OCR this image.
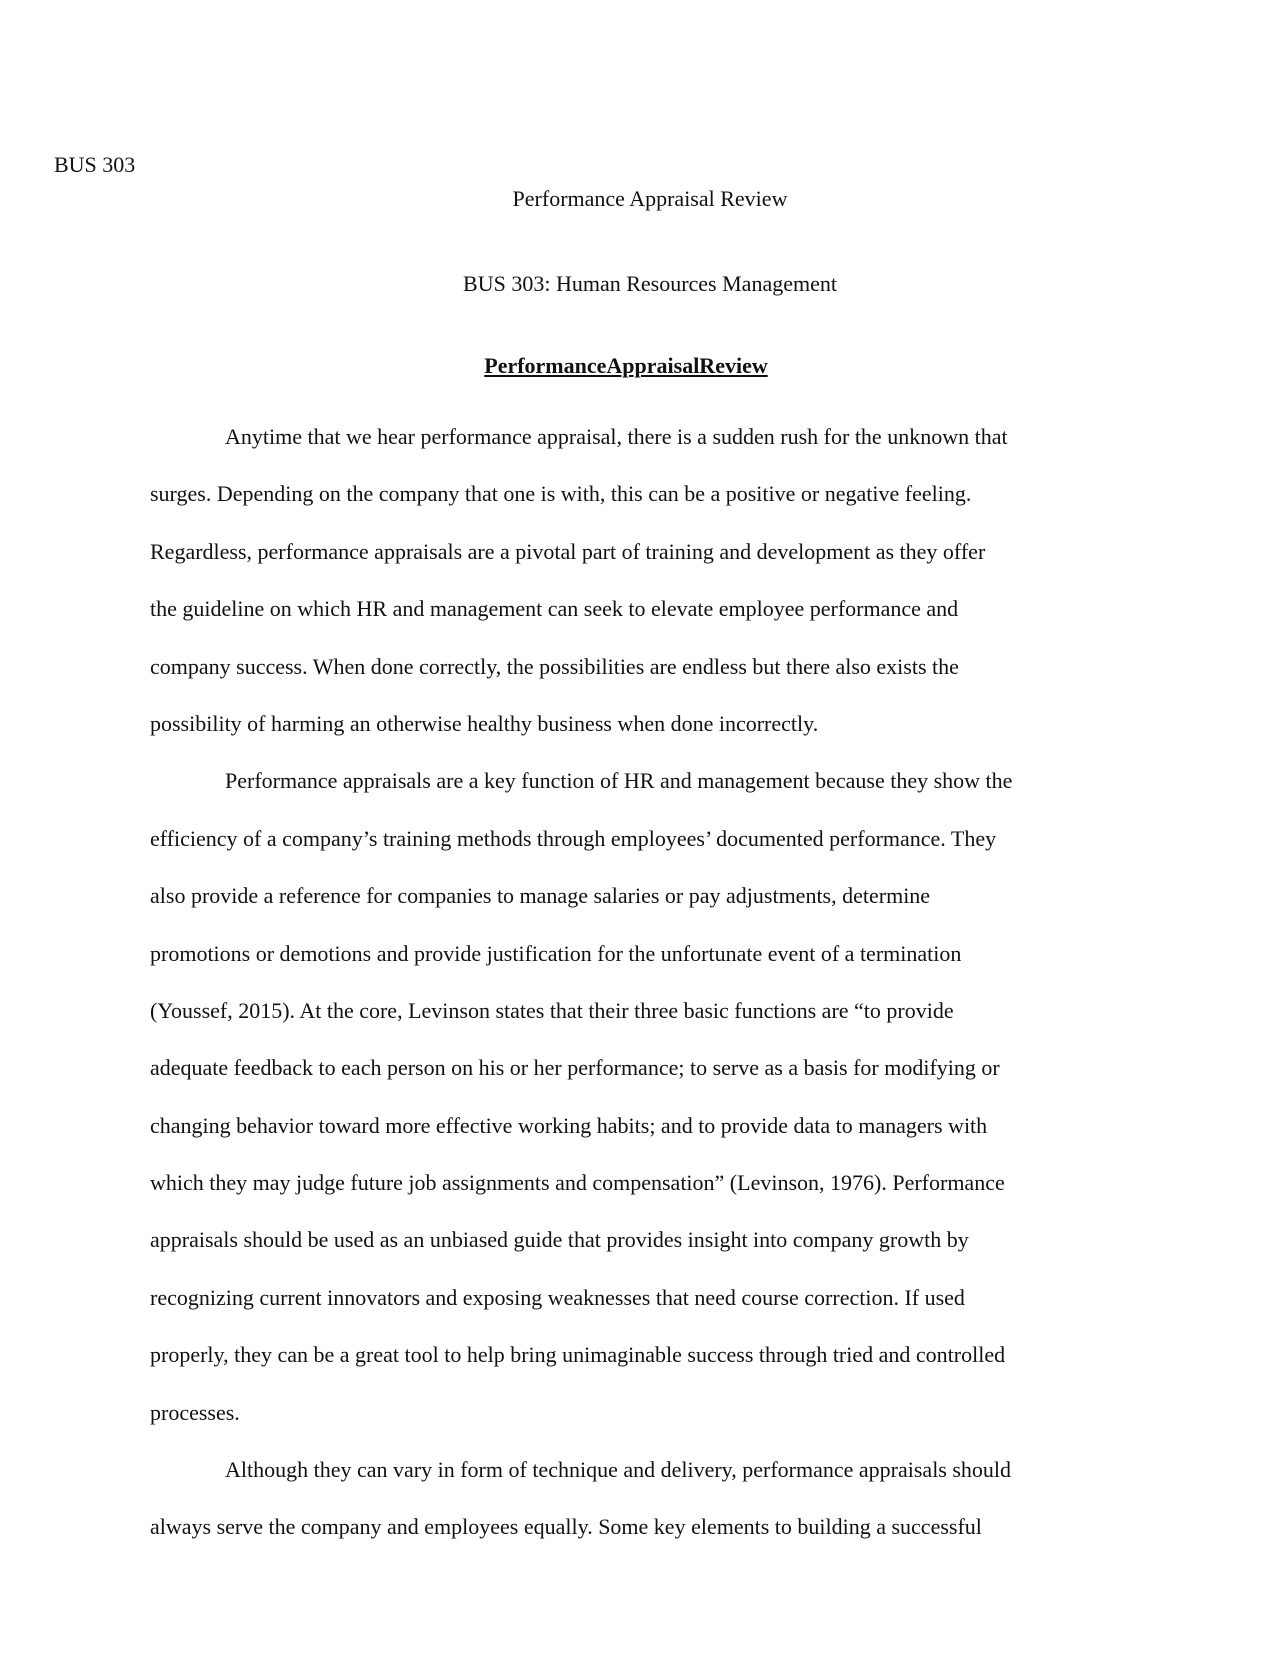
BUS 303
Performance Appraisal Review
BUS 303: Human Resources Management
PerformanceAppraisalReview
Anytime that we hear performance appraisal, there is a sudden rush for the unknown that
surges. Depending on the company that one is with, this can be a positive or negative feeling.
Regardless, performance appraisals are a pivotal part of training and development as they offer
the guideline on which HR and management can seek to elevate employee performance and
company success. When done correctly, the possibilities are endless but there also exists the
possibility of harming an otherwise healthy business when done incorrectly.
Performance appraisals are a key function of HR and management because they show the
efficiency of a company’s training methods through employees’ documented performance. They
also provide a reference for companies to manage salaries or pay adjustments, determine
promotions or demotions and provide justification for the unfortunate event of a termination
(Youssef, 2015). At the core, Levinson states that their three basic functions are “to provide
adequate feedback to each person on his or her performance; to serve as a basis for modifying or
changing behavior toward more effective working habits; and to provide data to managers with
which they may judge future job assignments and compensation” (Levinson, 1976). Performance
appraisals should be used as an unbiased guide that provides insight into company growth by
recognizing current innovators and exposing weaknesses that need course correction. If used
properly, they can be a great tool to help bring unimaginable success through tried and controlled
processes.
Although they can vary in form of technique and delivery, performance appraisals should
always serve the company and employees equally. Some key elements to building a successful
